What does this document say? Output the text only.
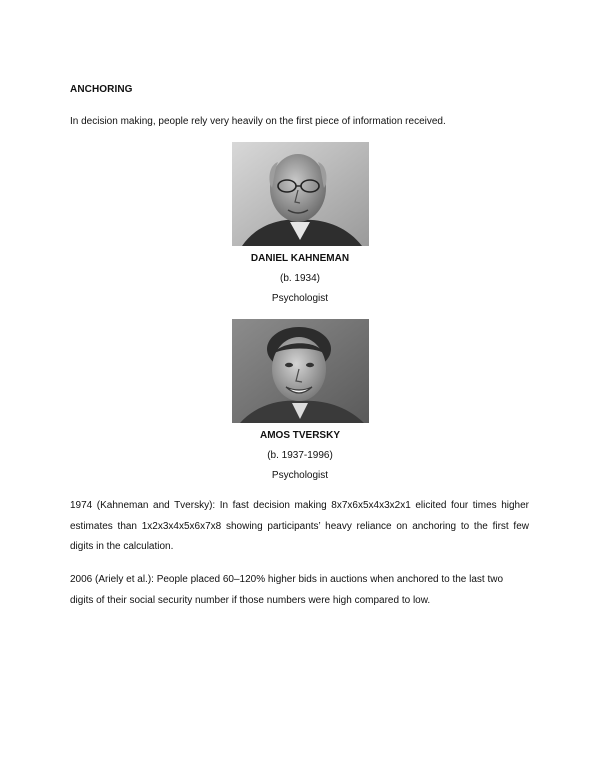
ANCHORING
In decision making, people rely very heavily on the first piece of information received.
DANIEL KAHNEMAN
(b. 1934)
Psychologist
AMOS TVERSKY
(b. 1937-1996)
Psychologist
1974 (Kahneman and Tversky): In fast decision making 8x7x6x5x4x3x2x1 elicited four times higher estimates than 1x2x3x4x5x6x7x8 showing participants’ heavy reliance on anchoring to the first few digits in the calculation.
2006 (Ariely et al.): People placed 60–120% higher bids in auctions when anchored to the last two digits of their social security number if those numbers were high compared to low.
